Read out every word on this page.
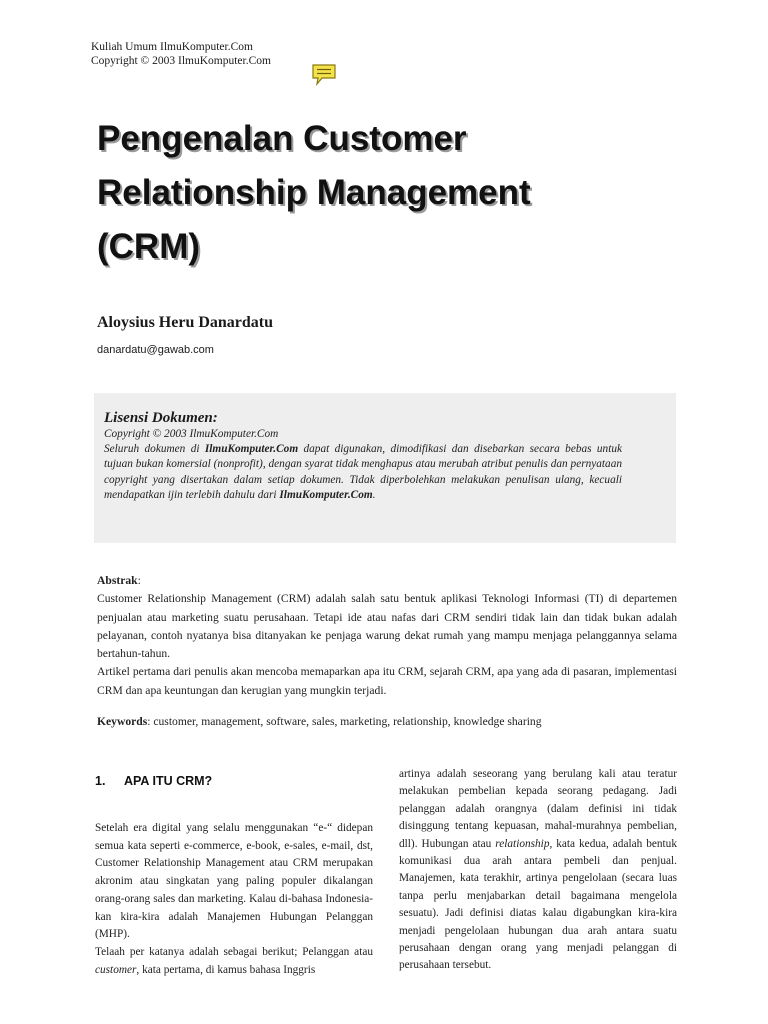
Kuliah Umum IlmuKomputer.Com
Copyright © 2003 IlmuKomputer.Com
Pengenalan Customer
Relationship Management
(CRM)
Aloysius Heru Danardatu
danardatu@gawab.com
Lisensi Dokumen:
Copyright © 2003 IlmuKomputer.Com
Seluruh dokumen di IlmuKomputer.Com dapat digunakan, dimodifikasi dan disebarkan secara bebas untuk tujuan bukan komersial (nonprofit), dengan syarat tidak menghapus atau merubah atribut penulis dan pernyataan copyright yang disertakan dalam setiap dokumen. Tidak diperbolehkan melakukan penulisan ulang, kecuali mendapatkan ijin terlebih dahulu dari IlmuKomputer.Com.

Abstrak:

Customer Relationship Management (CRM) adalah salah satu bentuk aplikasi Teknologi Informasi (TI) di departemen penjualan atau marketing suatu perusahaan. Tetapi ide atau nafas dari CRM sendiri tidak lain dan tidak bukan adalah pelayanan, contoh nyatanya bisa ditanyakan ke penjaga warung dekat rumah yang mampu menjaga pelanggannya selama bertahun-tahun.

Artikel pertama dari penulis akan mencoba memaparkan apa itu CRM, sejarah CRM, apa yang ada di pasaran, implementasi CRM dan apa keuntungan dan kerugian yang mungkin terjadi.

Keywords: customer, management, software, sales, marketing, relationship, knowledge sharing
1. APA ITU CRM?

Setelah era digital yang selalu menggunakan “e-“ didepan semua kata seperti e-commerce, e-book, e-sales, e-mail, dst, Customer Relationship Management atau CRM merupakan akronim atau singkatan yang paling populer dikalangan orang-orang sales dan marketing. Kalau di-bahasa Indonesia-kan kira-kira adalah Manajemen Hubungan Pelanggan (MHP).

Telaah per katanya adalah sebagai berikut; Pelanggan atau customer, kata pertama, di kamus bahasa Inggris

artinya adalah seseorang yang berulang kali atau teratur melakukan pembelian kepada seorang pedagang. Jadi pelanggan adalah orangnya (dalam definisi ini tidak disinggung tentang kepuasan, mahal-murahnya pembelian, dll). Hubungan atau relationship, kata kedua, adalah bentuk komunikasi dua arah antara pembeli dan penjual. Manajemen, kata terakhir, artinya pengelolaan (secara luas tanpa perlu menjabarkan detail bagaimana mengelola sesuatu). Jadi definisi diatas kalau digabungkan kira-kira menjadi pengelolaan hubungan dua arah antara suatu perusahaan dengan orang yang menjadi pelanggan di perusahaan tersebut.
